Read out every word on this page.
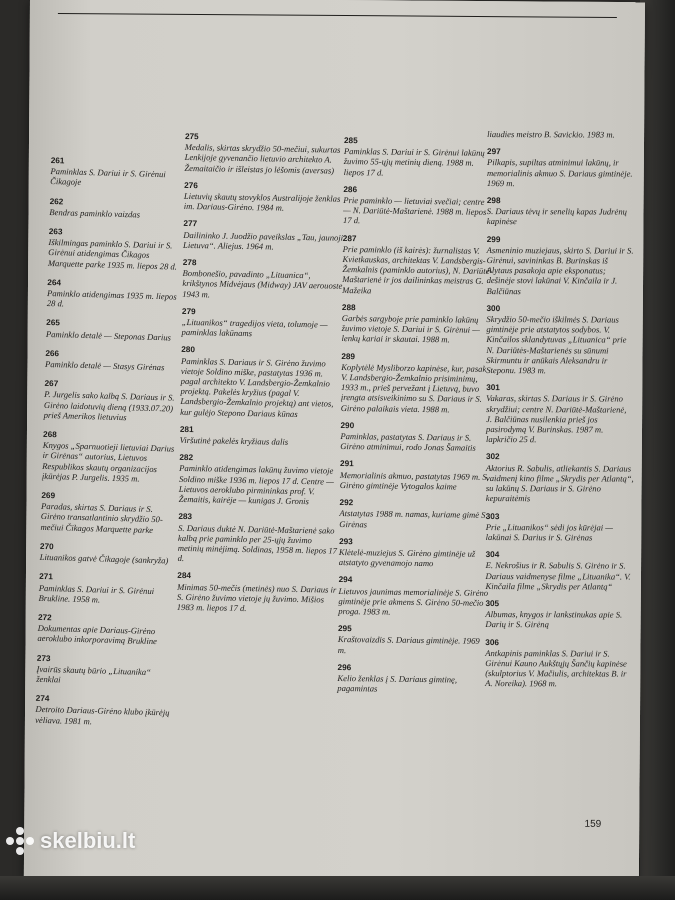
261
Paminklas S. Dariui ir S. Girėnui Čikagoje
262
Bendras paminklo vaizdas
263
Iškilmingas paminklo S. Dariui ir S. Girėnui atidengimas Čikagos Marquette parke 1935 m. liepos 28 d.
264
Paminklo atidengimas 1935 m. liepos 28 d.
265
Paminklo detalė — Steponas Darius
266
Paminklo detalė — Stasys Girėnas
267
P. Jurgelis sako kalbą S. Dariaus ir S. Girėno laidotuvių dieną (1933.07.20) prieš Amerikos lietuvius
268
Knygos „Sparnuotieji lietuviai Darius ir Girėnas“ autorius, Lietuvos Respublikos skautų organizacijos įkūrėjas P. Jurgelis. 1935 m.
269
Paradas, skirtas S. Dariaus ir S. Girėno transatlantinio skrydžio 50-mečiui Čikagos Marquette parke
270
Lituanikos gatvė Čikagoje (sankryža)
271
Paminklas S. Dariui ir S. Girėnui Brukline. 1958 m.
272
Dokumentas apie Dariaus-Girėno aeroklubo inkorporavimą Brukline
273
Įvairūs skautų būrio „Lituanika“ ženklai
274
Detroito Dariaus-Girėno klubo įkūrėjų vėliava. 1981 m.
275
Medalis, skirtas skrydžio 50-mečiui, sukurtas Lenkijoje gyvenančio lietuvio architekto A. Žemaitaičio ir išleistas jo lėšomis (aversas)
276
Lietuvių skautų stovyklos Australijoje ženklas im. Dariaus-Girėno. 1984 m.
277
Dailininko J. Juodžio paveikslas „Tau, jaunoji Lietuva“. Aliejus. 1964 m.
278
Bombonešio, pavadinto „Lituanica“, krikštynos Midvėjaus (Midway) JAV aerouoste 1943 m.
279
„Lituanikos“ tragedijos vieta, tolumoje — paminklas lakūnams
280
Paminklas S. Dariaus ir S. Girėno žuvimo vietoje Soldino miške, pastatytas 1936 m. pagal architekto V. Landsbergio-Žemkalnio projektą. Pakelės kryžius (pagal V. Landsbergio-Žemkalnio projektą) ant vietos, kur gulėjo Stepono Dariaus kūnas
281
Viršutinė pakelės kryžiaus dalis
282
Paminklo atidengimas lakūnų žuvimo vietoje Soldino miške 1936 m. liepos 17 d. Centre — Lietuvos aeroklubo pirmininkas prof. V. Žemaitis, kairėje — kunigas J. Gronis
283
S. Dariaus duktė N. Dariūtė-Maštarienė sako kalbą prie paminklo per 25-ųjų žuvimo metinių minėjimą. Soldinas, 1958 m. liepos 17 d.
284
Minimas 50-mečis (metinės) nuo S. Dariaus ir S. Girėno žuvimo vietoje jų žuvimo. Mišios 1983 m. liepos 17 d.
285
Paminklas S. Dariui ir S. Girėnui lakūnų žuvimo 55-ųjų metinių dieną. 1988 m. liepos 17 d.
286
Prie paminklo — lietuviai svečiai; centre — N. Dariūtė-Maštarienė. 1988 m. liepos 17 d.
287
Prie paminklo (iš kairės): žurnalistas V. Kvietkauskas, architektas V. Landsbergis-Žemkalnis (paminklo autorius), N. Dariūtė-Maštarienė ir jos dailininkas meistras G. Mažeika
288
Garbės sargyboje prie paminklo lakūnų žuvimo vietoje S. Dariui ir S. Girėnui — lenkų kariai ir skautai. 1988 m.
289
Koplytėlė Mysliborzo kapinėse, kur, pasak V. Landsbergio-Žemkalnio prisiminimų, 1933 m., prieš pervežant į Lietuvą, buvo įrengta atsisveikinimo su S. Dariaus ir S. Girėno palaikais vieta. 1988 m.
290
Paminklas, pastatytas S. Dariaus ir S. Girėno atminimui, rodo Jonas Šamaitis
291
Memorialinis akmuo, pastatytas 1969 m. S. Girėno gimtinėje Vytogalos kaime
292
Atstatytas 1988 m. namas, kuriame gimė S. Girėnas
293
Klėtelė-muziejus S. Girėno gimtinėje už atstatyto gyvenamojo namo
294
Lietuvos jaunimas memorialinėje S. Girėno gimtinėje prie akmens S. Girėno 50-mečio proga. 1983 m.
295
Kraštovaizdis S. Dariaus gimtinėje. 1969 m.
296
Kelio ženklas į S. Dariaus gimtinę, pagamintas
liaudies meistro B. Savickio. 1983 m.
297
Pilkapis, supiltas atminimui lakūnų, ir memorialinis akmuo S. Dariaus gimtinėje. 1969 m.
298
S. Dariaus tėvų ir senelių kapas Judrėnų kapinėse
299
Asmeninio muziejaus, skirto S. Dariui ir S. Girėnui, savininkas B. Burinskas iš Alytaus pasakoja apie eksponatus; dešinėje stovi lakūnai V. Kinčaila ir J. Balčiūnas
300
Skrydžio 50-mečio iškilmės S. Dariaus gimtinėje prie atstatytos sodybos. V. Kinčailos sklandytuvas „Lituanica“ prie N. Dariūtės-Maštarienės su sūnumi Skirmuntu ir anūkais Aleksandru ir Steponu. 1983 m.
301
Vakaras, skirtas S. Dariaus ir S. Girėno skrydžiui; centre N. Dariūtė-Maštarienė, J. Balčiūnas nusilenkia prieš jos pasirodymą V. Burinskas. 1987 m. lapkričio 25 d.
302
Aktorius R. Sabulis, atliekantis S. Dariaus vaidmenį kino filme „Skrydis per Atlantą“, su lakūnų S. Dariaus ir S. Girėno kepuraitėmis
303
Prie „Lituanikos“ sėdi jos kūrėjai — lakūnai S. Darius ir S. Girėnas
304
E. Nekrošius ir R. Sabulis S. Girėno ir S. Dariaus vaidmenyse filme „Lituanika“. V. Kinčaila filme „Skrydis per Atlantą“
305
Albumas, knygos ir lankstinukas apie S. Darių ir S. Girėną
306
Antkapinis paminklas S. Dariui ir S. Girėnui Kauno Aukštųjų Šančių kapinėse (skulptorius V. Mačiulis, architektas B. ir A. Noreika). 1968 m.
159
skelbiu.lt
